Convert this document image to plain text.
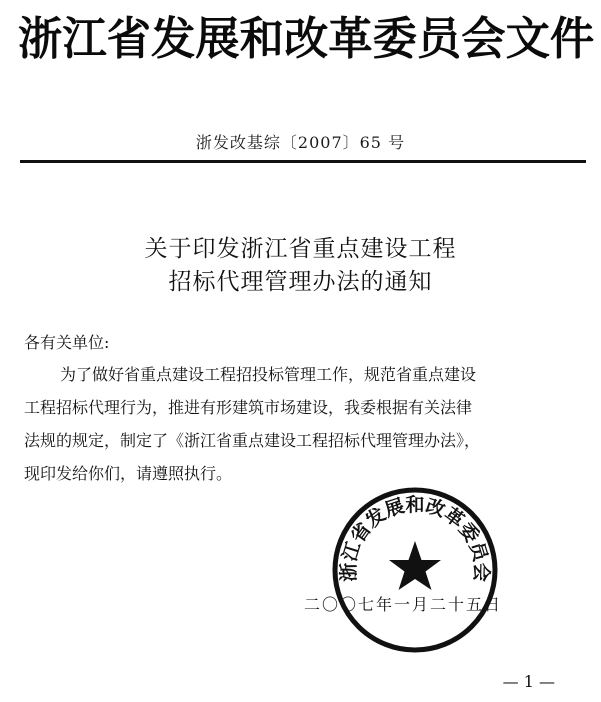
浙江省发展和改革委员会文件
浙发改基综〔2007〕65 号
关于印发浙江省重点建设工程
招标代理管理办法的通知
各有关单位:
为了做好省重点建设工程招投标管理工作，规范省重点建设
工程招标代理行为，推进有形建筑市场建设，我委根据有关法律
法规的规定，制定了《浙江省重点建设工程招标代理管理办法》，
现印发给你们，请遵照执行。
二〇〇七年一月二十五日
浙江省发展和改革委员会
— 1 —
